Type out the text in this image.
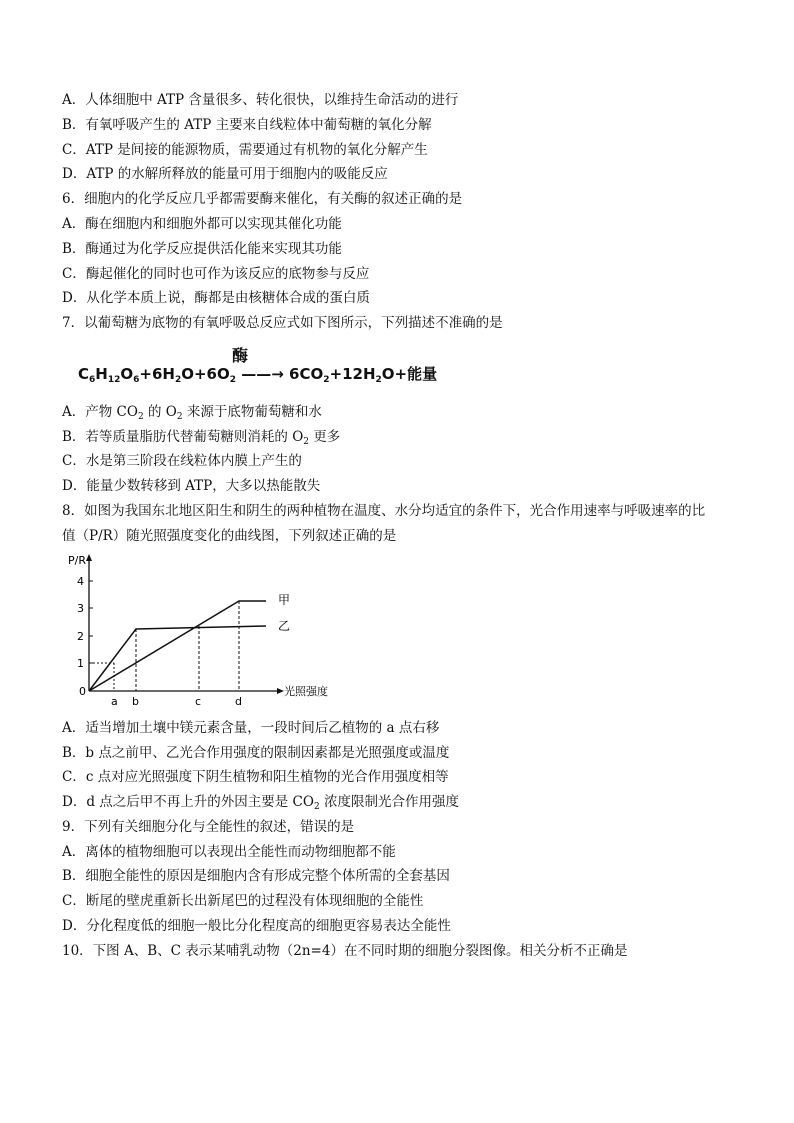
A．人体细胞中 ATP 含量很多、转化很快，以维持生命活动的进行
B．有氧呼吸产生的 ATP 主要来自线粒体中葡萄糖的氧化分解
C．ATP 是间接的能源物质，需要通过有机物的氧化分解产生
D．ATP 的水解所释放的能量可用于细胞内的吸能反应
6．细胞内的化学反应几乎都需要酶来催化，有关酶的叙述正确的是
A．酶在细胞内和细胞外都可以实现其催化功能
B．酶通过为化学反应提供活化能来实现其功能
C．酶起催化的同时也可作为该反应的底物参与反应
D．从化学本质上说，酶都是由核糖体合成的蛋白质
7．以葡萄糖为底物的有氧呼吸总反应式如下图所示，下列描述不准确的是
酶
$C_6H_{12}O_6+6H_2O+6O_2$ ——→ $6CO_2+12H_2O+$能量
A．产物 $CO_2$ 的 $O_2$ 来源于底物葡萄糖和水
B．若等质量脂肪代替葡萄糖则消耗的 $O_2$ 更多
C．水是第三阶段在线粒体内膜上产生的
D．能量少数转移到 ATP，大多以热能散失
8．如图为我国东北地区阳生和阴生的两种植物在温度、水分均适宜的条件下，光合作用速率与呼吸速率的比
值（P/R）随光照强度变化的曲线图，下列叙述正确的是
P/R
4
3
2
1
0
甲
乙
a b	c	d
光照强度
A．适当增加土壤中镁元素含量，一段时间后乙植物的 a 点右移
B．b 点之前甲、乙光合作用强度的限制因素都是光照强度或温度
C．c 点对应光照强度下阴生植物和阳生植物的光合作用强度相等
D．d 点之后甲不再上升的外因主要是 $CO_2$ 浓度限制光合作用强度
9．下列有关细胞分化与全能性的叙述，错误的是
A．离体的植物细胞可以表现出全能性而动物细胞都不能
B．细胞全能性的原因是细胞内含有形成完整个体所需的全套基因
C．断尾的壁虎重新长出新尾巴的过程没有体现细胞的全能性
D．分化程度低的细胞一般比分化程度高的细胞更容易表达全能性
10．下图 A、B、C 表示某哺乳动物（2n=4）在不同时期的细胞分裂图像。相关分析不正确是
